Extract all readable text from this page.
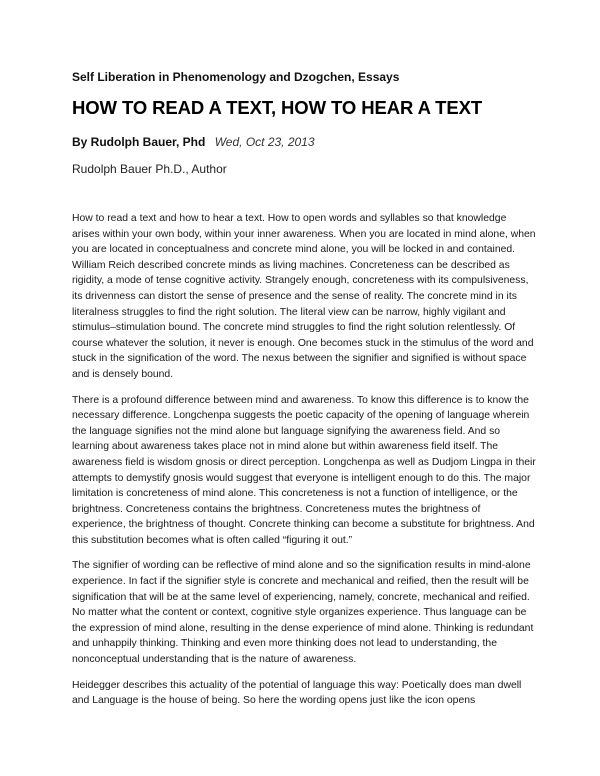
Self Liberation in Phenomenology and Dzogchen, Essays
HOW TO READ A TEXT, HOW TO HEAR A TEXT
By Rudolph Bauer, Phd Wed, Oct 23, 2013
Rudolph Bauer Ph.D., Author

How to read a text and how to hear a text. How to open words and syllables so that knowledge arises within your own body, within your inner awareness. When you are located in mind alone, when you are located in conceptualness and concrete mind alone, you will be locked in and contained. William Reich described concrete minds as living machines. Concreteness can be described as rigidity, a mode of tense cognitive activity. Strangely enough, concreteness with its compulsiveness, its drivenness can distort the sense of presence and the sense of reality. The concrete mind in its literalness struggles to find the right solution. The literal view can be narrow, highly vigilant and stimulus–stimulation bound. The concrete mind struggles to find the right solution relentlessly. Of course whatever the solution, it never is enough. One becomes stuck in the stimulus of the word and stuck in the signification of the word. The nexus between the signifier and signified is without space and is densely bound.

There is a profound difference between mind and awareness. To know this difference is to know the necessary difference. Longchenpa suggests the poetic capacity of the opening of language wherein the language signifies not the mind alone but language signifying the awareness field. And so learning about awareness takes place not in mind alone but within awareness field itself. The awareness field is wisdom gnosis or direct perception. Longchenpa as well as Dudjom Lingpa in their attempts to demystify gnosis would suggest that everyone is intelligent enough to do this. The major limitation is concreteness of mind alone. This concreteness is not a function of intelligence, or the brightness. Concreteness contains the brightness. Concreteness mutes the brightness of experience, the brightness of thought. Concrete thinking can become a substitute for brightness. And this substitution becomes what is often called “figuring it out.”

The signifier of wording can be reflective of mind alone and so the signification results in mind-alone experience. In fact if the signifier style is concrete and mechanical and reified, then the result will be signification that will be at the same level of experiencing, namely, concrete, mechanical and reified. No matter what the content or context, cognitive style organizes experience. Thus language can be the expression of mind alone, resulting in the dense experience of mind alone. Thinking is redundant and unhappily thinking. Thinking and even more thinking does not lead to understanding, the nonconceptual understanding that is the nature of awareness.

Heidegger describes this actuality of the potential of language this way: Poetically does man dwell and Language is the house of being. So here the wording opens just like the icon opens
